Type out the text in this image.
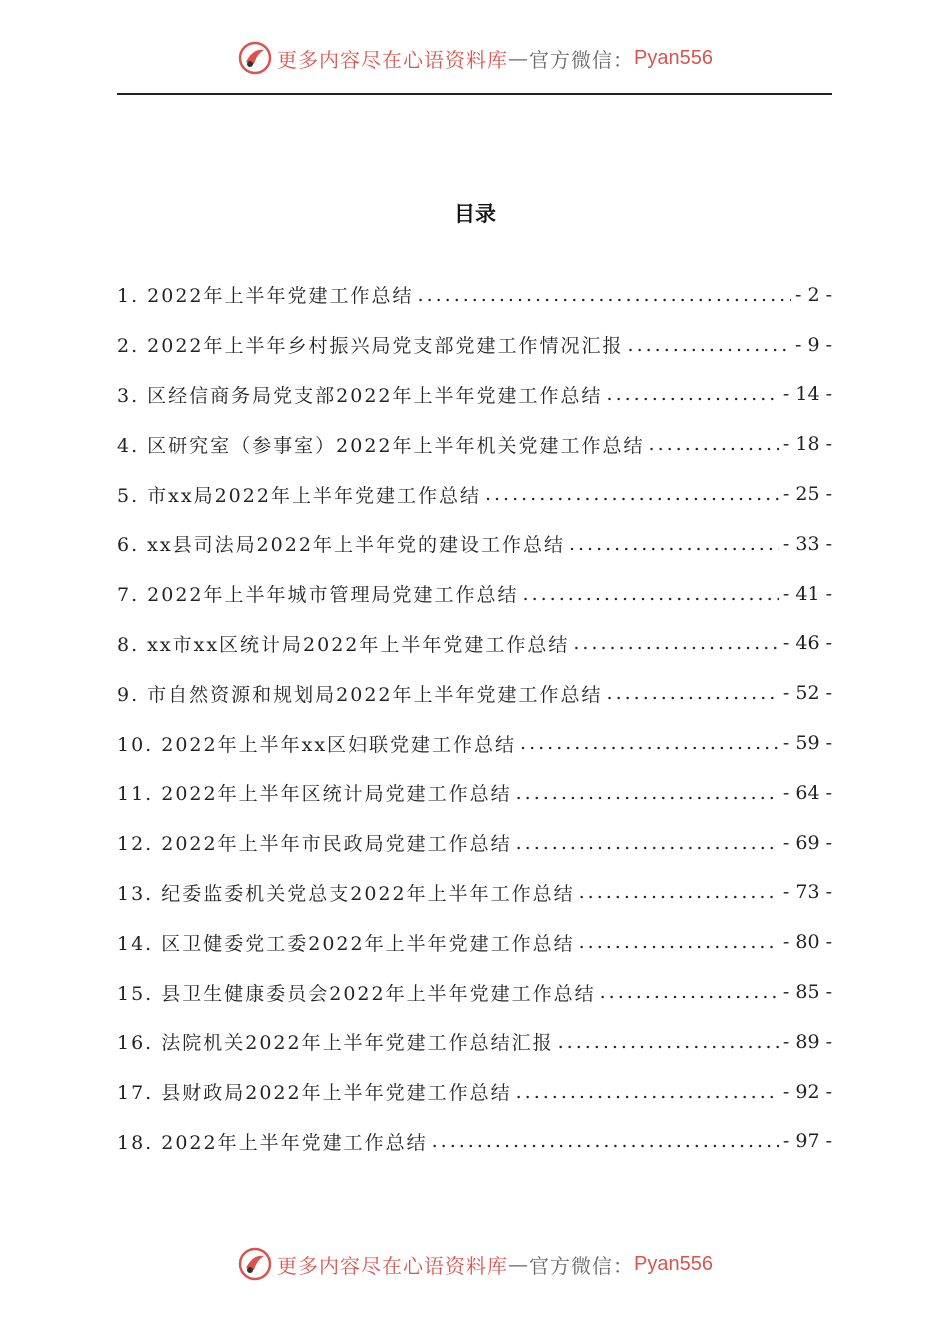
更多内容尽在心语资料库 — 官方微信： Pyan556
目录
1. 2022年上半年党建工作总结 .....	- 2 -
2. 2022年上半年乡村振兴局党支部党建工作情况汇报 .....	- 9 -
3. 区经信商务局党支部2022年上半年党建工作总结 .....	- 14 -
4. 区研究室（参事室）2022年上半年机关党建工作总结 .....	- 18 -
5. 市xx局2022年上半年党建工作总结 .....	- 25 -
6. xx县司法局2022年上半年党的建设工作总结 .....	- 33 -
7. 2022年上半年城市管理局党建工作总结 .....	- 41 -
8. xx市xx区统计局2022年上半年党建工作总结 .....	- 46 -
9. 市自然资源和规划局2022年上半年党建工作总结 .....	- 52 -
10. 2022年上半年xx区妇联党建工作总结 .....	- 59 -
11. 2022年上半年区统计局党建工作总结 .....	- 64 -
12. 2022年上半年市民政局党建工作总结 .....	- 69 -
13. 纪委监委机关党总支2022年上半年工作总结 .....	- 73 -
14. 区卫健委党工委2022年上半年党建工作总结 .....	- 80 -
15. 县卫生健康委员会2022年上半年党建工作总结 .....	- 85 -
16. 法院机关2022年上半年党建工作总结汇报 .....	- 89 -
17. 县财政局2022年上半年党建工作总结 .....	- 92 -
18. 2022年上半年党建工作总结 .....	- 97 -
更多内容尽在心语资料库 — 官方微信： Pyan556
